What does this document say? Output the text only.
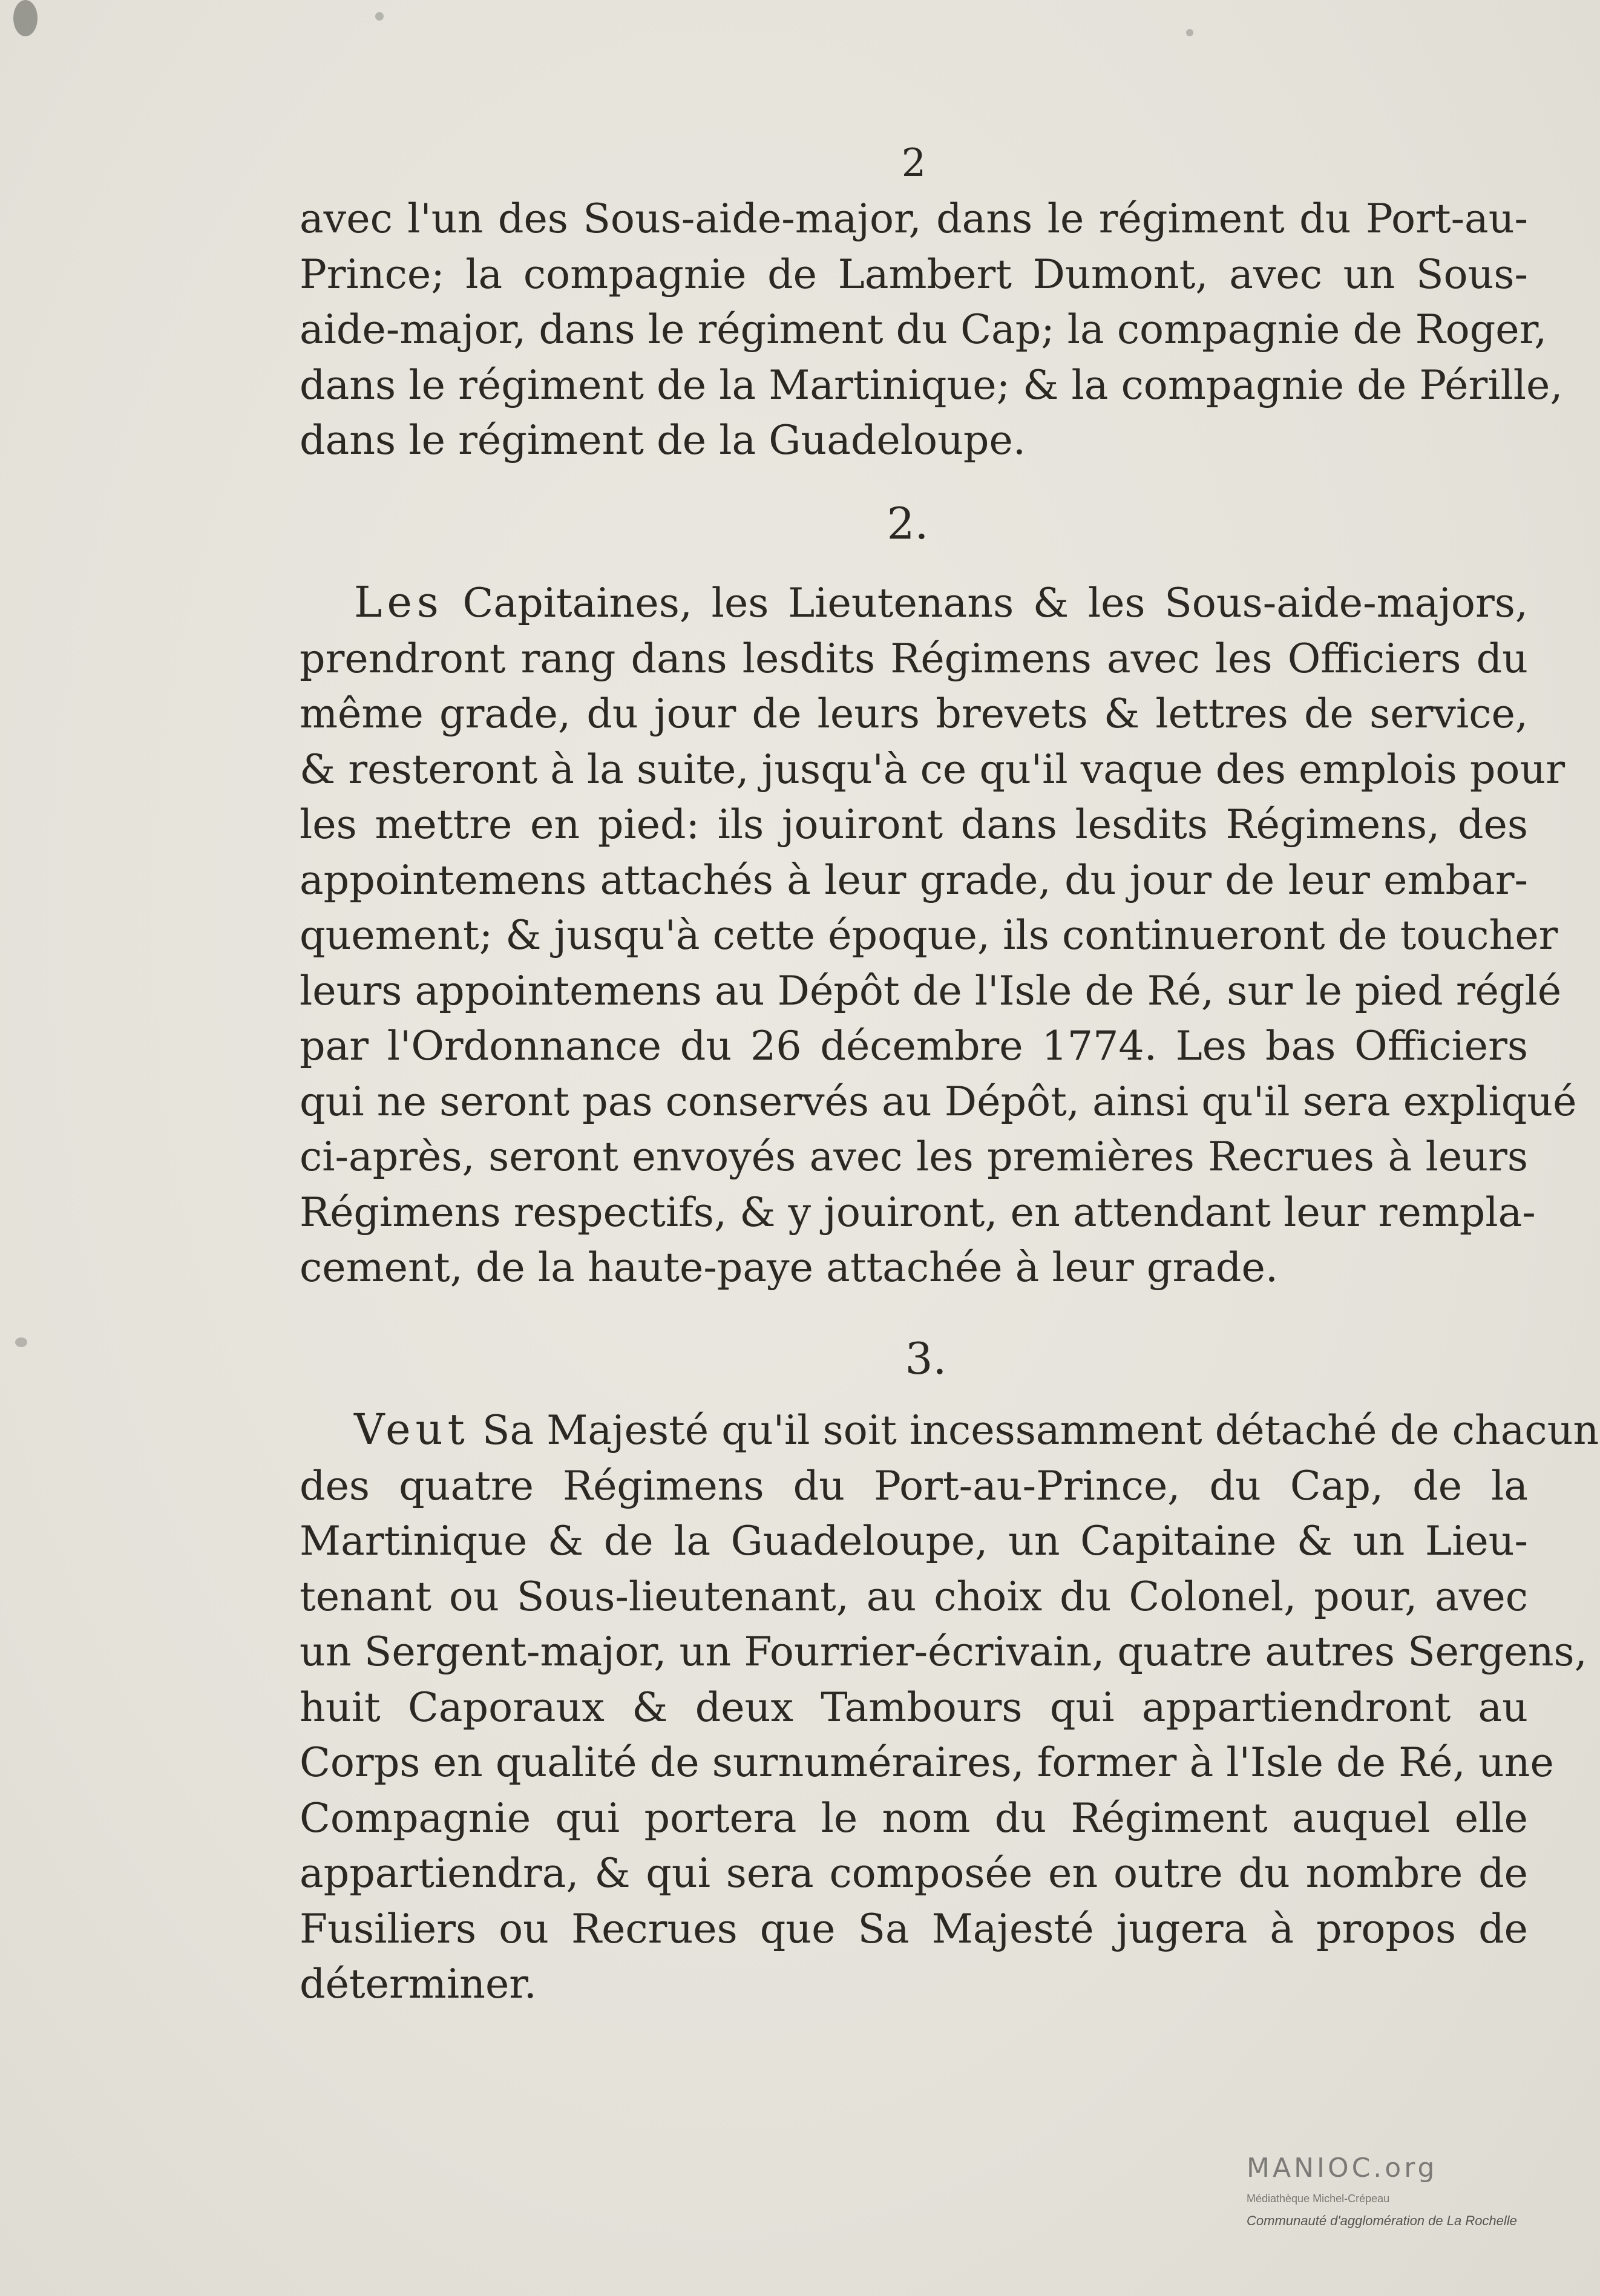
2
avec l'un des Sous-aide-major, dans le régiment du Port-au-
Prince; la compagnie de Lambert Dumont, avec un Sous-
aide-major, dans le régiment du Cap; la compagnie de Roger,
dans le régiment de la Martinique; & la compagnie de Pérille,
dans le régiment de la Guadeloupe.
2.
Les Capitaines, les Lieutenans & les Sous-aide-majors,
prendront rang dans lesdits Régimens avec les Officiers du
même grade, du jour de leurs brevets & lettres de service,
& resteront à la suite, jusqu'à ce qu'il vaque des emplois pour
les mettre en pied: ils jouiront dans lesdits Régimens, des
appointemens attachés à leur grade, du jour de leur embar-
quement; & jusqu'à cette époque, ils continueront de toucher
leurs appointemens au Dépôt de l'Isle de Ré, sur le pied réglé
par l'Ordonnance du 26 décembre 1774. Les bas Officiers
qui ne seront pas conservés au Dépôt, ainsi qu'il sera expliqué
ci-après, seront envoyés avec les premières Recrues à leurs
Régimens respectifs, & y jouiront, en attendant leur rempla-
cement, de la haute-paye attachée à leur grade.
3.
Veut Sa Majesté qu'il soit incessamment détaché de chacun
des quatre Régimens du Port-au-Prince, du Cap, de la
Martinique & de la Guadeloupe, un Capitaine & un Lieu-
tenant ou Sous-lieutenant, au choix du Colonel, pour, avec
un Sergent-major, un Fourrier-écrivain, quatre autres Sergens,
huit Caporaux & deux Tambours qui appartiendront au
Corps en qualité de surnuméraires, former à l'Isle de Ré, une
Compagnie qui portera le nom du Régiment auquel elle
appartiendra, & qui sera composée en outre du nombre de
Fusiliers ou Recrues que Sa Majesté jugera à propos de
déterminer.
MANIOC.org
Médiathèque Michel-Crépeau
Communauté d'agglomération de La Rochelle
